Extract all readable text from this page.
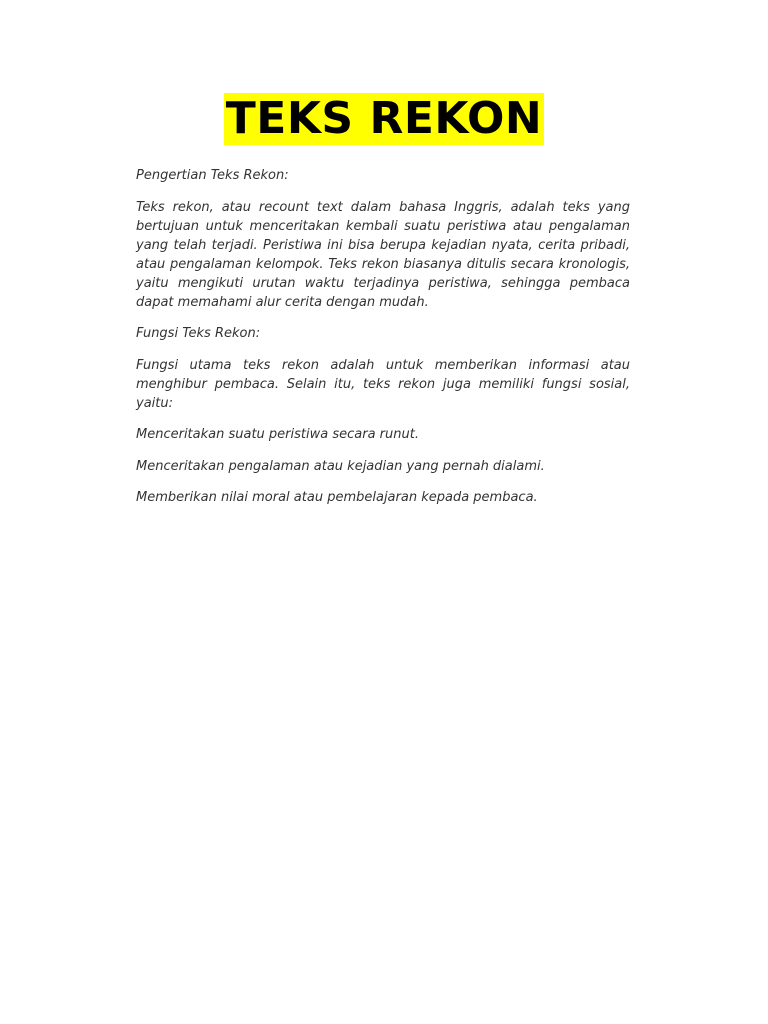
TEKS REKON

Pengertian Teks Rekon:

Teks rekon, atau recount text dalam bahasa Inggris, adalah teks yang bertujuan untuk menceritakan kembali suatu peristiwa atau pengalaman yang telah terjadi. Peristiwa ini bisa berupa kejadian nyata, cerita pribadi, atau pengalaman kelompok. Teks rekon biasanya ditulis secara kronologis, yaitu mengikuti urutan waktu terjadinya peristiwa, sehingga pembaca dapat memahami alur cerita dengan mudah.

Fungsi Teks Rekon:

Fungsi utama teks rekon adalah untuk memberikan informasi atau menghibur pembaca. Selain itu, teks rekon juga memiliki fungsi sosial, yaitu:

Menceritakan suatu peristiwa secara runut.

Menceritakan pengalaman atau kejadian yang pernah dialami.

Memberikan nilai moral atau pembelajaran kepada pembaca.
